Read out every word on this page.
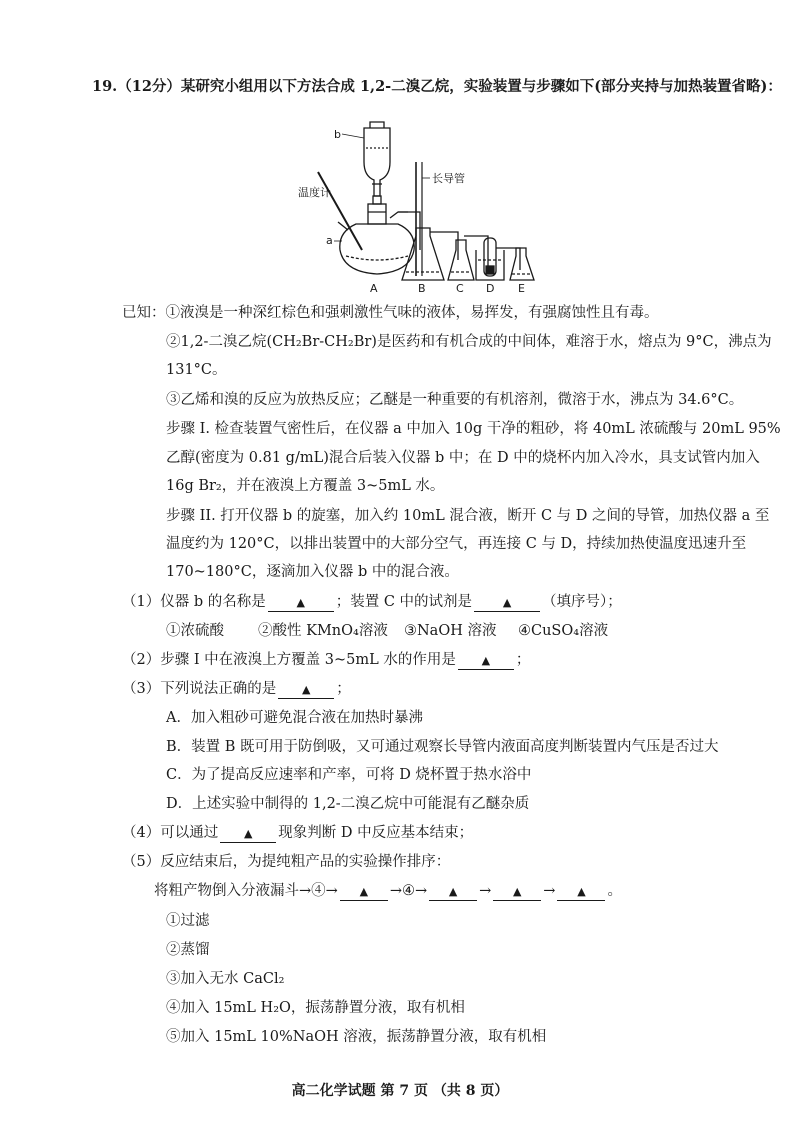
19.（12分）某研究小组用以下方法合成 1,2-二溴乙烷，实验装置与步骤如下(部分夹持与加热装置省略)：
b
温度计
a
长导管
A	B	C D E
已知：①液溴是一种深红棕色和强刺激性气味的液体，易挥发，有强腐蚀性且有毒。
②1,2-二溴乙烷(CH₂Br-CH₂Br)是医药和有机合成的中间体，难溶于水，熔点为 9°C，沸点为
131°C。
③乙烯和溴的反应为放热反应；乙醚是一种重要的有机溶剂，微溶于水，沸点为 34.6°C。
步骤 I. 检查装置气密性后，在仪器 a 中加入 10g 干净的粗砂，将 40mL 浓硫酸与 20mL 95%
乙醇(密度为 0.81 g/mL)混合后装入仪器 b 中；在 D 中的烧杯内加入冷水，具支试管内加入
16g Br₂，并在液溴上方覆盖 3~5mL 水。
步骤 II. 打开仪器 b 的旋塞，加入约 10mL 混合液，断开 C 与 D 之间的导管，加热仪器 a 至
温度约为 120°C，以排出装置中的大部分空气，再连接 C 与 D，持续加热使温度迅速升至
170~180°C，逐滴加入仪器 b 中的混合液。
（1）仪器 b 的名称是	▲ ；装置 C 中的试剂是	▲ （填序号）；
①浓硫酸 ②酸性 KMnO₄溶液 ③NaOH 溶液 ④CuSO₄溶液
（2）步骤 I 中在液溴上方覆盖 3~5mL 水的作用是 ▲ ；
（3）下列说法正确的是 ▲ ；
A．加入粗砂可避免混合液在加热时暴沸
B．装置 B 既可用于防倒吸，又可通过观察长导管内液面高度判断装置内气压是否过大
C．为了提高反应速率和产率，可将 D 烧杯置于热水浴中
D．上述实验中制得的 1,2-二溴乙烷中可能混有乙醚杂质
（4）可以通过 ▲ 现象判断 D 中反应基本结束；
（5）反应结束后，为提纯粗产品的实验操作排序：
将粗产物倒入分液漏斗→④→ ▲ →④→ ▲ → ▲ → ▲ 。
①过滤
②蒸馏
③加入无水 CaCl₂
④加入 15mL H₂O，振荡静置分液，取有机相
⑤加入 15mL 10%NaOH 溶液，振荡静置分液，取有机相
高二化学试题 第 7 页 （共 8 页）
